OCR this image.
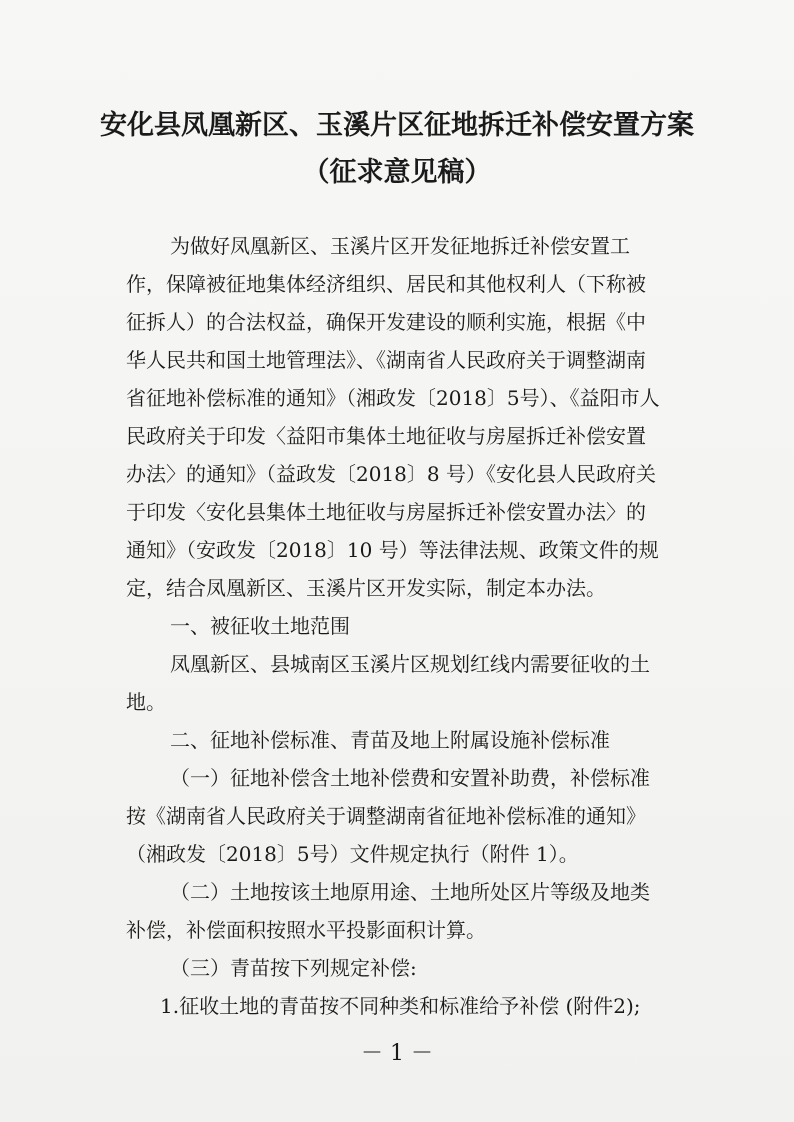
安化县凤凰新区、玉溪片区征地拆迁补偿安置方案
（征求意见稿）
为做好凤凰新区、玉溪片区开发征地拆迁补偿安置工
作，保障被征地集体经济组织、居民和其他权利人（下称被
征拆人）的合法权益，确保开发建设的顺利实施，根据《中
华人民共和国土地管理法》、《湖南省人民政府关于调整湖南
省征地补偿标准的通知》（湘政发〔2018〕5号）、《益阳市人
民政府关于印发〈益阳市集体土地征收与房屋拆迁补偿安置
办法〉的通知》（益政发〔2018〕8 号）《安化县人民政府关
于印发〈安化县集体土地征收与房屋拆迁补偿安置办法〉的
通知》（安政发〔2018〕10 号）等法律法规、政策文件的规
定，结合凤凰新区、玉溪片区开发实际，制定本办法。
一、被征收土地范围
凤凰新区、县城南区玉溪片区规划红线内需要征收的土
地。
二、征地补偿标准、青苗及地上附属设施补偿标准
（一）征地补偿含土地补偿费和安置补助费，补偿标准
按《湖南省人民政府关于调整湖南省征地补偿标准的通知》
（湘政发〔2018〕5号）文件规定执行（附件 1）。
（二）土地按该土地原用途、土地所处区片等级及地类
补偿，补偿面积按照水平投影面积计算。
（三）青苗按下列规定补偿:
1.征收土地的青苗按不同种类和标准给予补偿 (附件2);
－ 1 －
